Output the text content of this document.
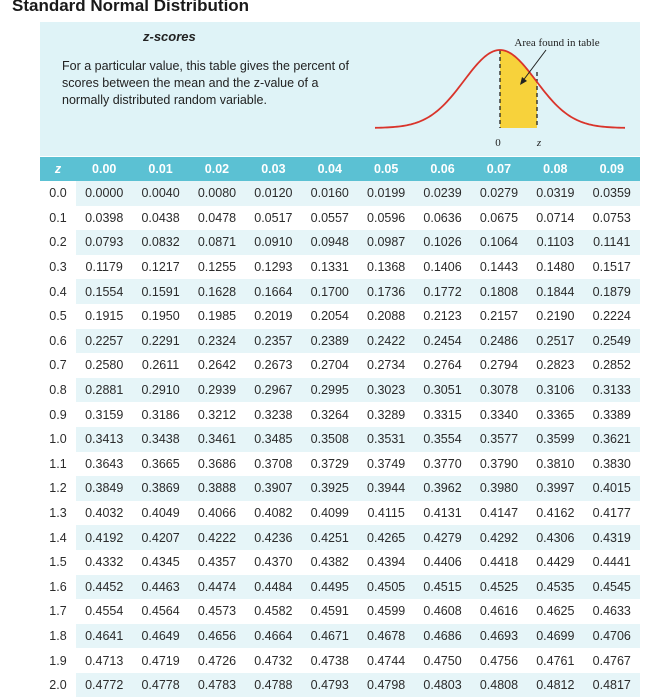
Standard Normal Distribution
z-scores
For a particular value, this table gives the percent of scores between the mean and the z-value of a normally distributed random variable.
Area found in table
0	z
z	0.00	0.01	0.02	0.03	0.04	0.05	0.06	0.07	0.08	0.09
0.0	0.0000	0.0040	0.0080	0.0120	0.0160	0.0199	0.0239	0.0279	0.0319	0.0359
0.1	0.0398	0.0438	0.0478	0.0517	0.0557	0.0596	0.0636	0.0675	0.0714	0.0753
0.2	0.0793	0.0832	0.0871	0.0910	0.0948	0.0987	0.1026	0.1064	0.1103	0.1141
0.3	0.1179	0.1217	0.1255	0.1293	0.1331	0.1368	0.1406	0.1443	0.1480	0.1517
0.4	0.1554	0.1591	0.1628	0.1664	0.1700	0.1736	0.1772	0.1808	0.1844	0.1879
0.5	0.1915	0.1950	0.1985	0.2019	0.2054	0.2088	0.2123	0.2157	0.2190	0.2224
0.6	0.2257	0.2291	0.2324	0.2357	0.2389	0.2422	0.2454	0.2486	0.2517	0.2549
0.7	0.2580	0.2611	0.2642	0.2673	0.2704	0.2734	0.2764	0.2794	0.2823	0.2852
0.8	0.2881	0.2910	0.2939	0.2967	0.2995	0.3023	0.3051	0.3078	0.3106	0.3133
0.9	0.3159	0.3186	0.3212	0.3238	0.3264	0.3289	0.3315	0.3340	0.3365	0.3389
1.0	0.3413	0.3438	0.3461	0.3485	0.3508	0.3531	0.3554	0.3577	0.3599	0.3621
1.1	0.3643	0.3665	0.3686	0.3708	0.3729	0.3749	0.3770	0.3790	0.3810	0.3830
1.2	0.3849	0.3869	0.3888	0.3907	0.3925	0.3944	0.3962	0.3980	0.3997	0.4015
1.3	0.4032	0.4049	0.4066	0.4082	0.4099	0.4115	0.4131	0.4147	0.4162	0.4177
1.4	0.4192	0.4207	0.4222	0.4236	0.4251	0.4265	0.4279	0.4292	0.4306	0.4319
1.5	0.4332	0.4345	0.4357	0.4370	0.4382	0.4394	0.4406	0.4418	0.4429	0.4441
1.6	0.4452	0.4463	0.4474	0.4484	0.4495	0.4505	0.4515	0.4525	0.4535	0.4545
1.7	0.4554	0.4564	0.4573	0.4582	0.4591	0.4599	0.4608	0.4616	0.4625	0.4633
1.8	0.4641	0.4649	0.4656	0.4664	0.4671	0.4678	0.4686	0.4693	0.4699	0.4706
1.9	0.4713	0.4719	0.4726	0.4732	0.4738	0.4744	0.4750	0.4756	0.4761	0.4767
2.0	0.4772	0.4778	0.4783	0.4788	0.4793	0.4798	0.4803	0.4808	0.4812	0.4817
